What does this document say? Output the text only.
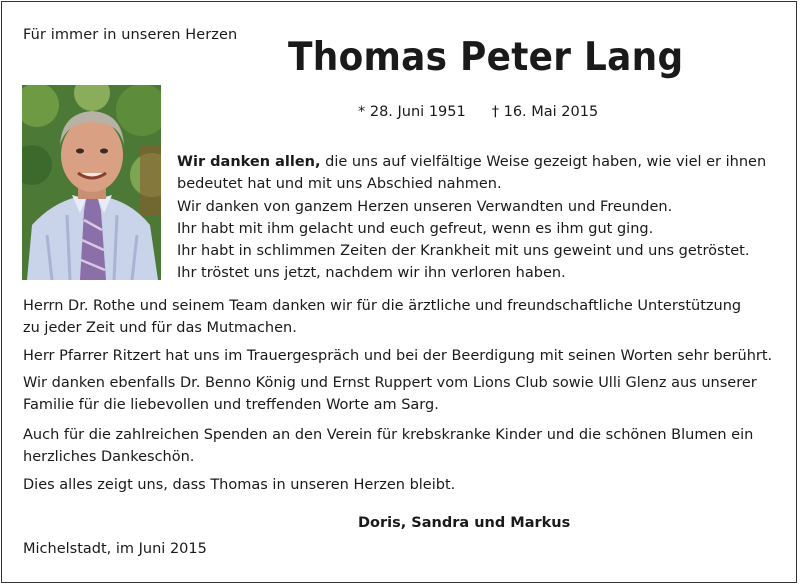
Für immer in unseren Herzen Thomas Peter Lang
* 28. Juni 1951 † 16. Mai 2015
Wir danken allen, die uns auf vielfältige Weise gezeigt haben, wie viel er ihnen
bedeutet hat und mit uns Abschied nahmen.
Wir danken von ganzem Herzen unseren Verwandten und Freunden.
Ihr habt mit ihm gelacht und euch gefreut, wenn es ihm gut ging.
Ihr habt in schlimmen Zeiten der Krankheit mit uns geweint und uns getröstet.
Ihr tröstet uns jetzt, nachdem wir ihn verloren haben.
Herrn Dr. Rothe und seinem Team danken wir für die ärztliche und freundschaftliche Unterstützung
zu jeder Zeit und für das Mutmachen.
Herr Pfarrer Ritzert hat uns im Trauergespräch und bei der Beerdigung mit seinen Worten sehr berührt.
Wir danken ebenfalls Dr. Benno König und Ernst Ruppert vom Lions Club sowie Ulli Glenz aus unserer
Familie für die liebevollen und treffenden Worte am Sarg.
Auch für die zahlreichen Spenden an den Verein für krebskranke Kinder und die schönen Blumen ein
herzliches Dankeschön.
Dies alles zeigt uns, dass Thomas in unseren Herzen bleibt.
Doris, Sandra und Markus
Michelstadt, im Juni 2015
